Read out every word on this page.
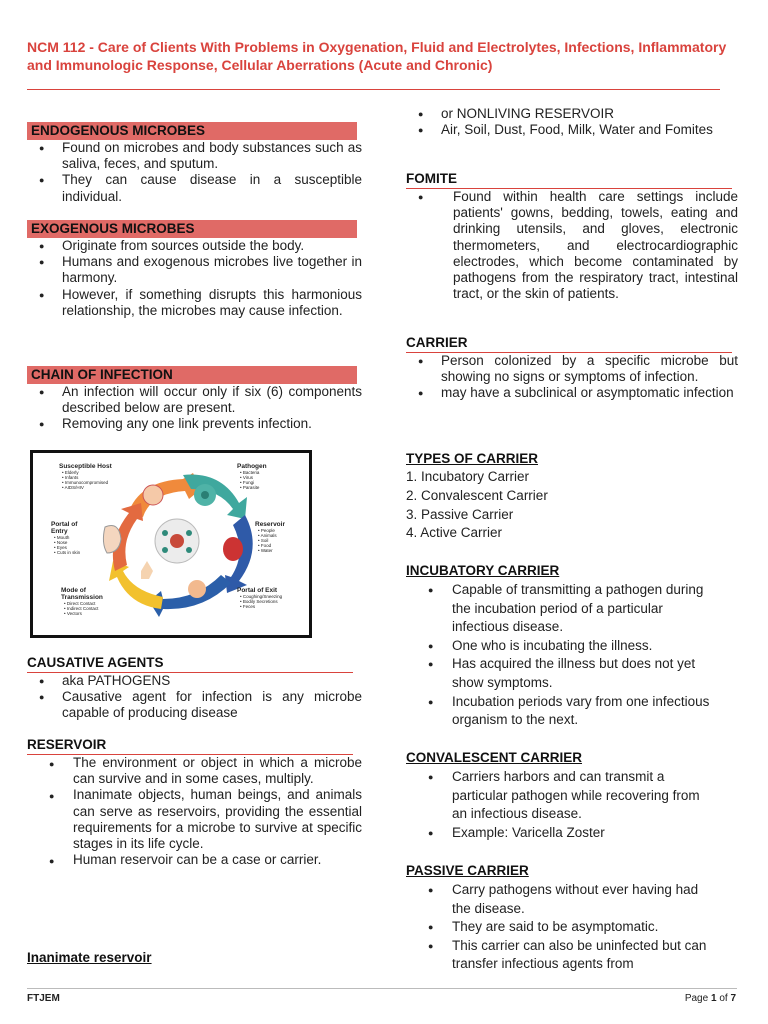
NCM 112 - Care of Clients With Problems in Oxygenation, Fluid and Electrolytes, Infections, Inflammatory and Immunologic Response, Cellular Aberrations (Acute and Chronic)
ENDOGENOUS MICROBES
● Found on microbes and body substances such as saliva, feces, and sputum.
● They can cause disease in a susceptible individual.
EXOGENOUS MICROBES
● Originate from sources outside the body.
● Humans and exogenous microbes live together in harmony.
● However, if something disrupts this harmonious relationship, the microbes may cause infection.
CHAIN OF INFECTION
● An infection will occur only if six (6) components described below are present.
● Removing any one link prevents infection.
Susceptible Host
• Elderly
• Infants
• Immunocompromised
• AIDS/HIV
Pathogen
• Bacteria
• Virus
• Fungi
• Parasite
Reservoir
• People
• Animals
• Soil
• Food
• Water
Portal of Entry
• Mouth
• Nose
• Eyes
• Cuts in skin
Mode of Transmission
• Direct Contact
• Indirect Contact
• Vectors
Portal of Exit
• Coughing/Sneezing
• Bodily Secretions
• Feces
CAUSATIVE AGENTS
● aka PATHOGENS
● Causative agent for infection is any microbe capable of producing disease
RESERVOIR
● The environment or object in which a microbe can survive and in some cases, multiply.
● Inanimate objects, human beings, and animals can serve as reservoirs, providing the essential requirements for a microbe to survive at specific stages in its life cycle.
● Human reservoir can be a case or carrier.
Inanimate reservoir
● or NONLIVING RESERVOIR
● Air, Soil, Dust, Food, Milk, Water and Fomites
FOMITE
● Found within health care settings include patients' gowns, bedding, towels, eating and drinking utensils, and gloves, electronic thermometers, and electrocardiographic electrodes, which become contaminated by pathogens from the respiratory tract, intestinal tract, or the skin of patients.
CARRIER
● Person colonized by a specific microbe but showing no signs or symptoms of infection.
● may have a subclinical or asymptomatic infection
TYPES OF CARRIER
1. Incubatory Carrier
2. Convalescent Carrier
3. Passive Carrier
4. Active Carrier
INCUBATORY CARRIER
● Capable of transmitting a pathogen during the incubation period of a particular infectious disease.
● One who is incubating the illness.
● Has acquired the illness but does not yet show symptoms.
● Incubation periods vary from one infectious organism to the next.
CONVALESCENT CARRIER
● Carriers harbors and can transmit a particular pathogen while recovering from an infectious disease.
● Example: Varicella Zoster
PASSIVE CARRIER
● Carry pathogens without ever having had the disease.
● They are said to be asymptomatic.
● This carrier can also be uninfected but can transfer infectious agents from
FTJEM	Page 1 of 7
